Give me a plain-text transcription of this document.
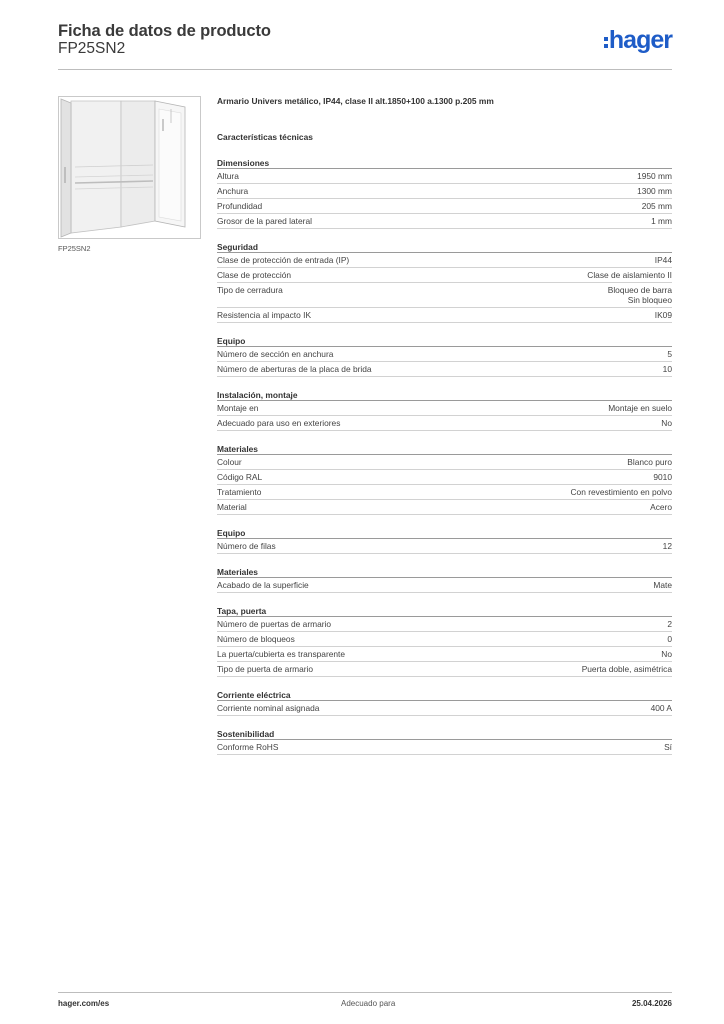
Ficha de datos de producto
FP25SN2	hager
FP25SN2
Armario Univers metálico, IP44, clase II alt.1850+100 a.1300 p.205 mm
Características técnicas
Dimensiones
Altura	1950 mm
Anchura	1300 mm
Profundidad	205 mm
Grosor de la pared lateral	1 mm
Seguridad
Clase de protección de entrada (IP)	IP44
Clase de protección	Clase de aislamiento II
Tipo de cerradura	Bloqueo de barra
Sin bloqueo
Resistencia al impacto IK	IK09
Equipo
Número de sección en anchura	5
Número de aberturas de la placa de brida	10
Instalación, montaje
Montaje en	Montaje en suelo
Adecuado para uso en exteriores	No
Materiales
Colour	Blanco puro
Código RAL	9010
Tratamiento	Con revestimiento en polvo
Material	Acero
Equipo
Número de filas	12
Materiales
Acabado de la superficie	Mate
Tapa, puerta
Número de puertas de armario	2
Número de bloqueos	0
La puerta/cubierta es transparente	No
Tipo de puerta de armario	Puerta doble, asimétrica
Corriente eléctrica
Corriente nominal asignada	400 A
Sostenibilidad
Conforme RoHS	Sí
hager.com/es	Adecuado para	25.04.2026
